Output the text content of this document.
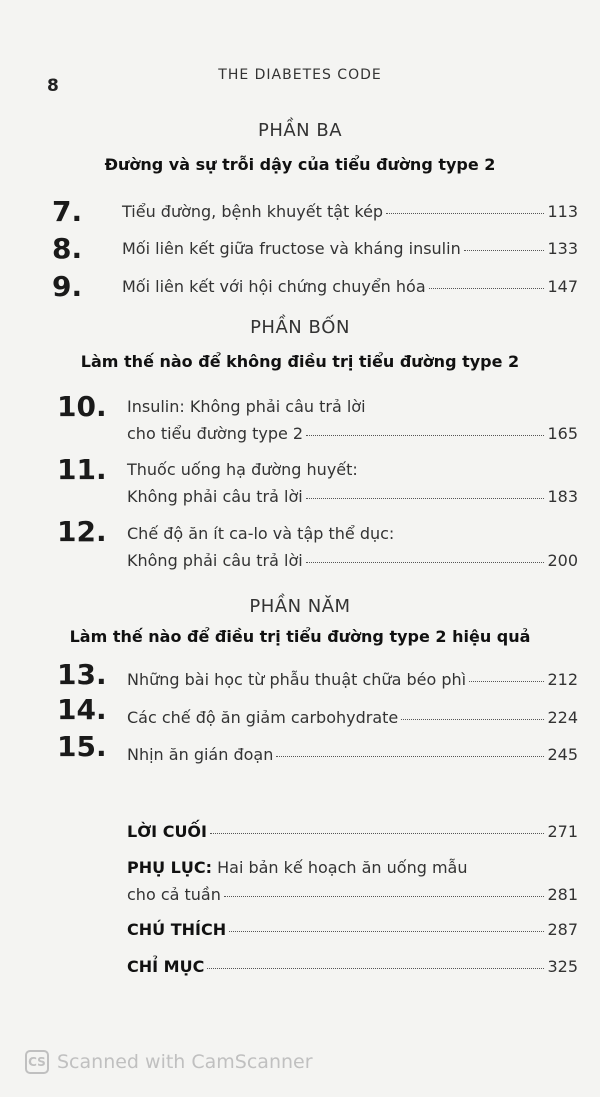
8
THE DIABETES CODE
PHẦN BA
Đường và sự trỗi dậy của tiểu đường type 2
7. Tiểu đường, bệnh khuyết tật kép	113
8. Mối liên kết giữa fructose và kháng insulin	133
9. Mối liên kết với hội chứng chuyển hóa	147
PHẦN BỐN
Làm thế nào để không điều trị tiểu đường type 2
10. Insulin: Không phải câu trả lời
cho tiểu đường type 2	165
11. Thuốc uống hạ đường huyết:
Không phải câu trả lời	183
12. Chế độ ăn ít ca-lo và tập thể dục:
Không phải câu trả lời	200
PHẦN NĂM
Làm thế nào để điều trị tiểu đường type 2 hiệu quả
13. Những bài học từ phẫu thuật chữa béo phì	212
14. Các chế độ ăn giảm carbohydrate	224
15. Nhịn ăn gián đoạn	245
LỜI CUỐI	271
PHỤ LỤC: Hai bản kế hoạch ăn uống mẫu
cho cả tuần	281
CHÚ THÍCH	287
CHỈ MỤC	325
CS Scanned with CamScanner
